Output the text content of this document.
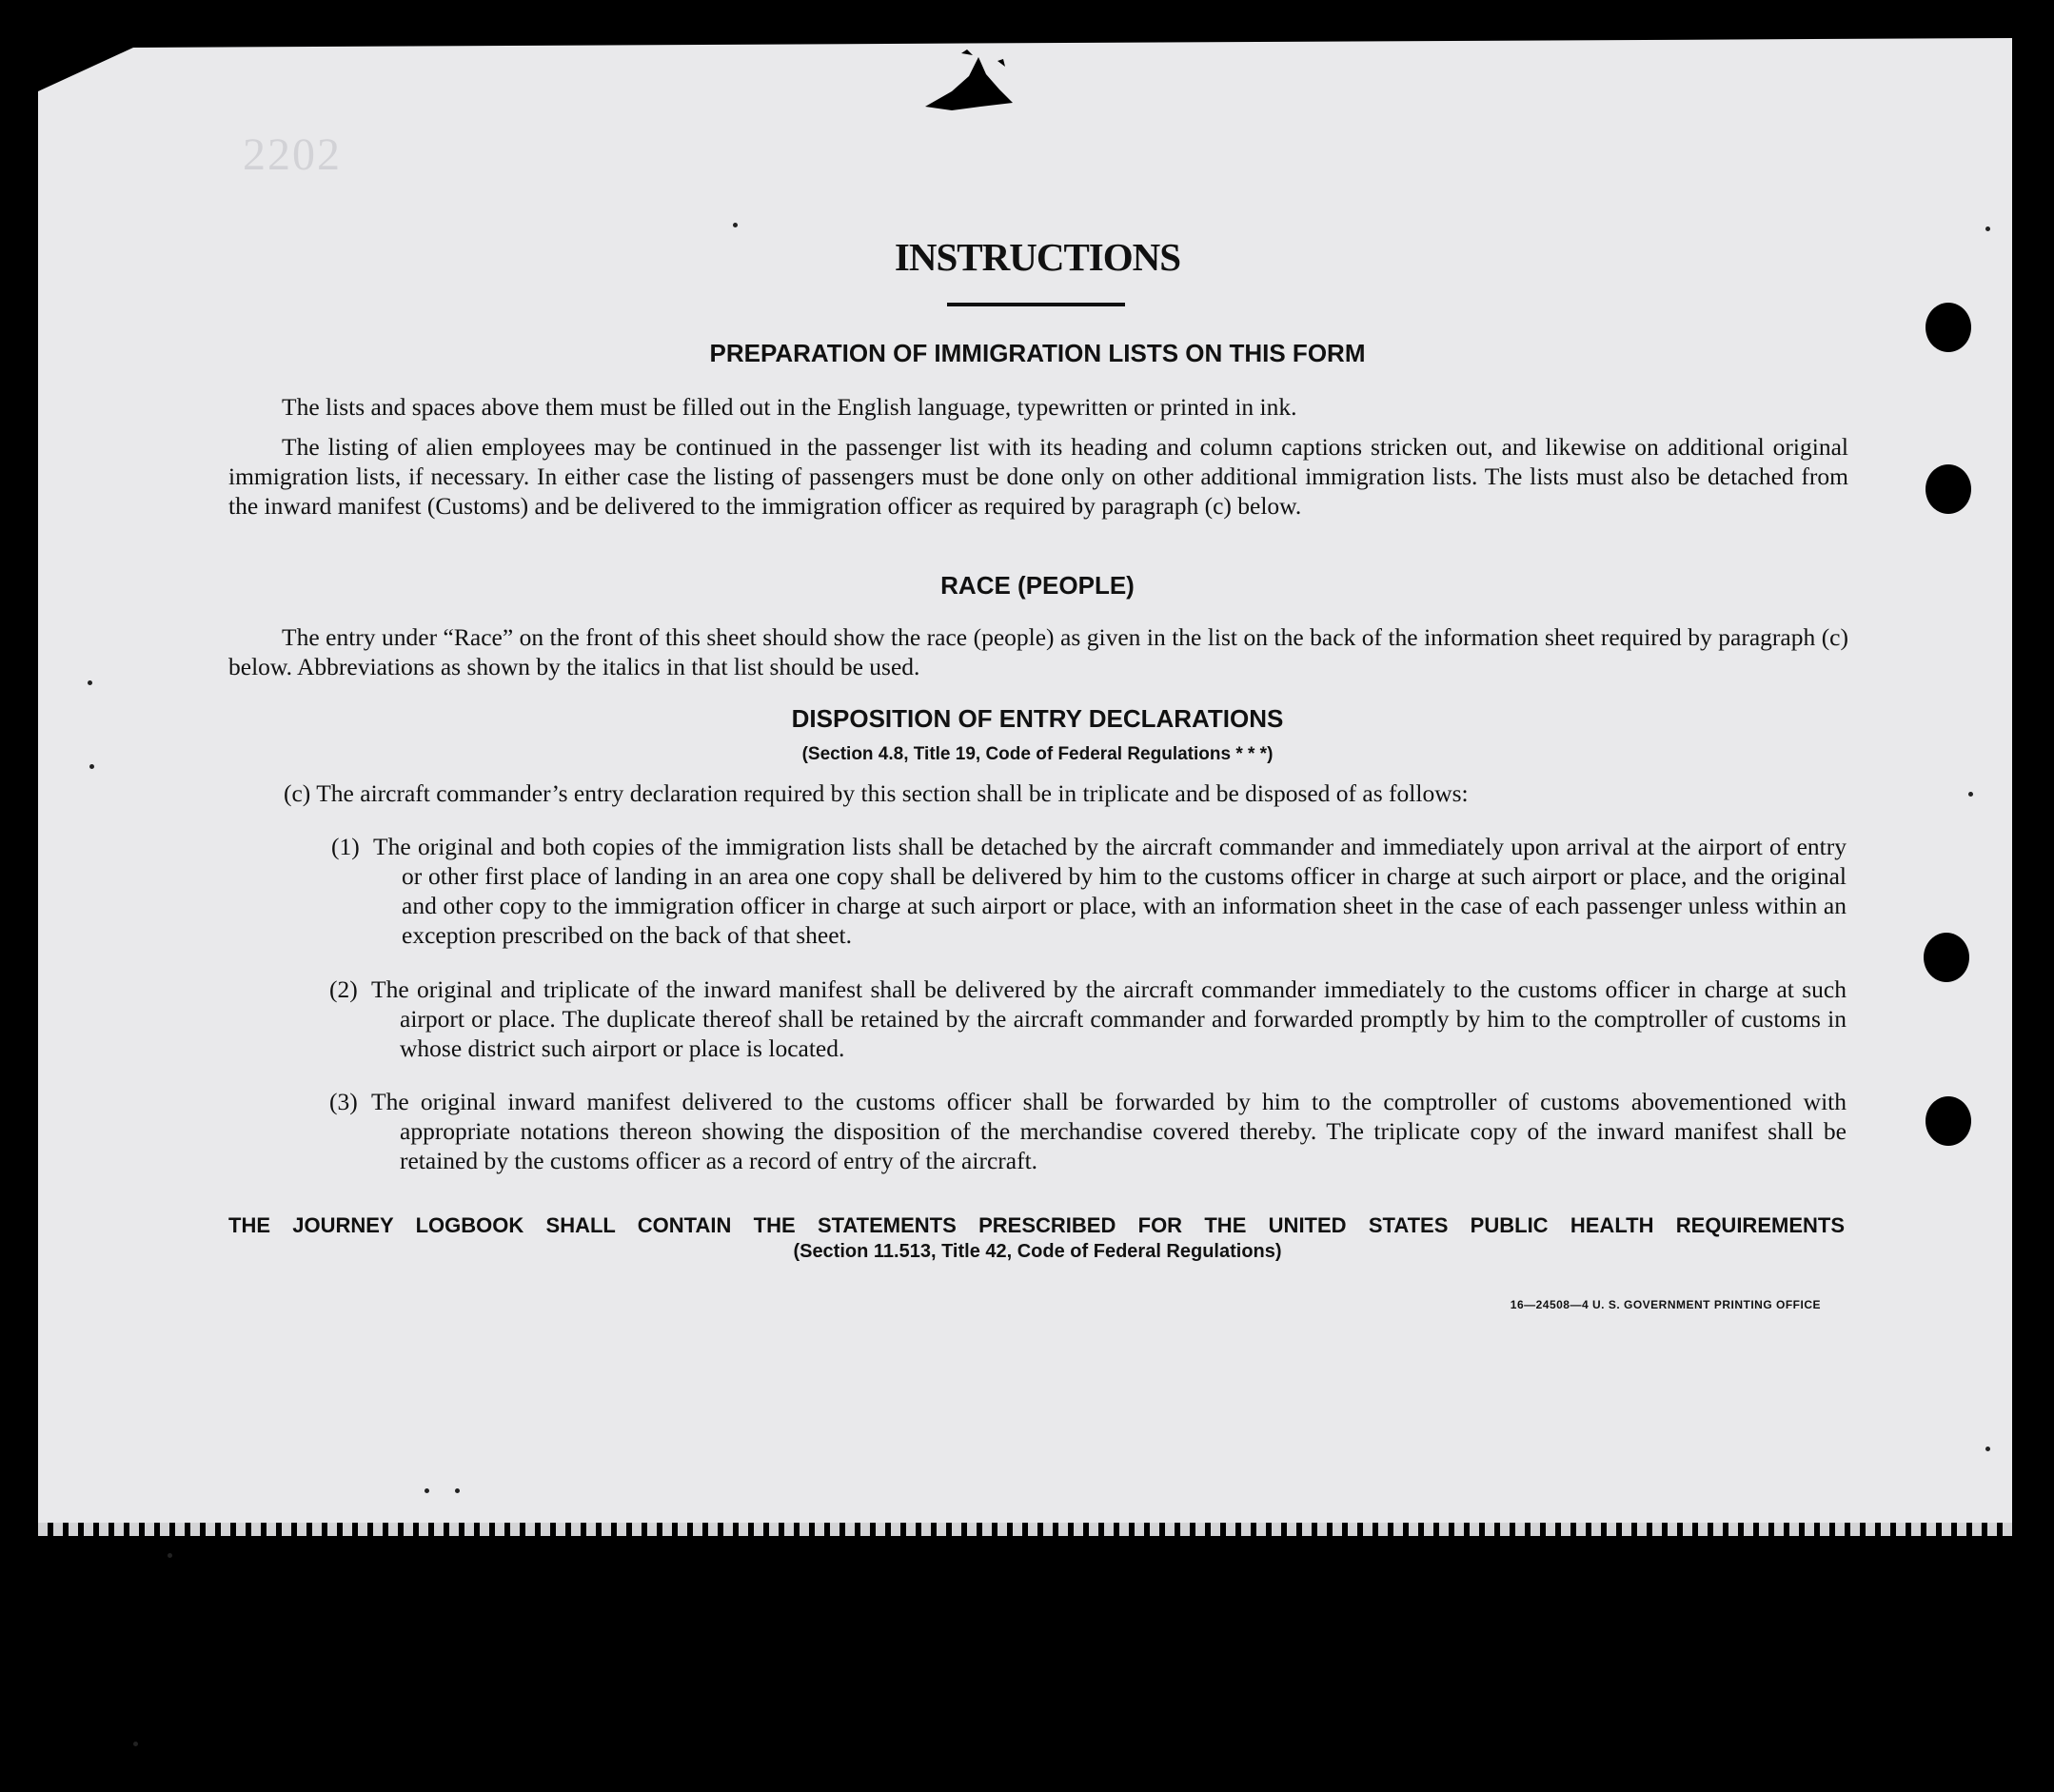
2202
INSTRUCTIONS
PREPARATION OF IMMIGRATION LISTS ON THIS FORM

The lists and spaces above them must be filled out in the English language, typewritten or printed in ink.

The listing of alien employees may be continued in the passenger list with its heading and column captions stricken out, and likewise on additional original immigration lists, if necessary. In either case the listing of passengers must be done only on other additional immigration lists. The lists must also be detached from the inward manifest (Customs) and be delivered to the immigration officer as required by paragraph (c) below.

RACE (PEOPLE)

The entry under “Race” on the front of this sheet should show the race (people) as given in the list on the back of the information sheet required by paragraph (c) below. Abbreviations as shown by the italics in that list should be used.

DISPOSITION OF ENTRY DECLARATIONS
(Section 4.8, Title 19, Code of Federal Regulations * * *)

(c) The aircraft commander’s entry declaration required by this section shall be in triplicate and be disposed of as follows:

(1) The original and both copies of the immigration lists shall be detached by the aircraft commander and immediately upon arrival at the airport of entry or other first place of landing in an area one copy shall be delivered by him to the customs officer in charge at such airport or place, and the original and other copy to the immigration officer in charge at such airport or place, with an information sheet in the case of each passenger unless within an exception prescribed on the back of that sheet.
(2) The original and triplicate of the inward manifest shall be delivered by the aircraft commander immediately to the customs officer in charge at such airport or place. The duplicate thereof shall be retained by the aircraft commander and forwarded promptly by him to the comptroller of customs in whose district such airport or place is located.
(3) The original inward manifest delivered to the customs officer shall be forwarded by him to the comptroller of customs abovementioned with appropriate notations thereon showing the disposition of the merchandise covered thereby. The triplicate copy of the inward manifest shall be retained by the customs officer as a record of entry of the aircraft.
THE JOURNEY LOGBOOK SHALL CONTAIN THE STATEMENTS PRESCRIBED FOR THE UNITED STATES PUBLIC HEALTH REQUIREMENTS
(Section 11.513, Title 42, Code of Federal Regulations)
16—24508—4 U. S. GOVERNMENT PRINTING OFFICE
